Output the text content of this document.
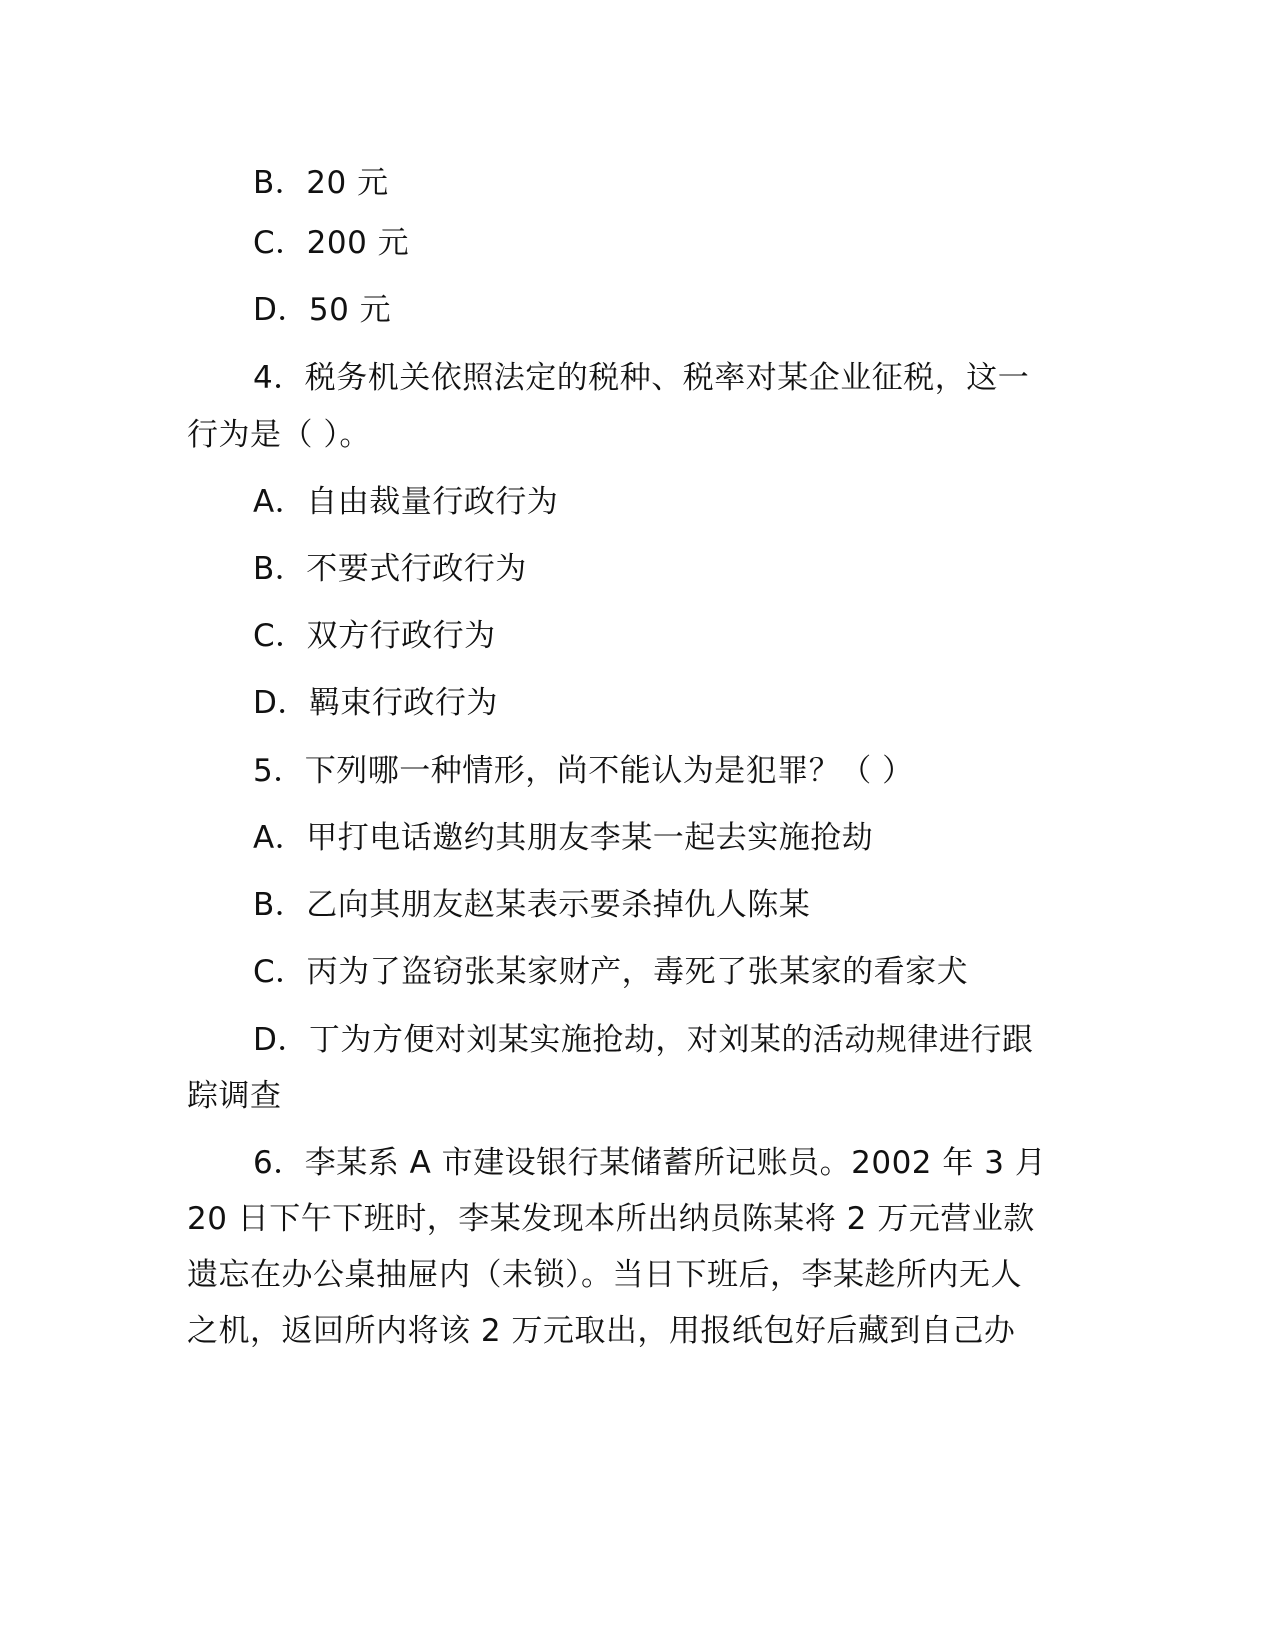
B．20 元
C．200 元
D．50 元
4．税务机关依照法定的税种、税率对某企业征税，这一
行为是（ ）。
A．自由裁量行政行为
B．不要式行政行为
C．双方行政行为
D．羁束行政行为
5．下列哪一种情形，尚不能认为是犯罪？（ ）
A．甲打电话邀约其朋友李某一起去实施抢劫
B．乙向其朋友赵某表示要杀掉仇人陈某
C．丙为了盗窃张某家财产，毒死了张某家的看家犬
D．丁为方便对刘某实施抢劫，对刘某的活动规律进行跟
踪调查
6．李某系 A 市建设银行某储蓄所记账员。2002 年 3 月
20 日下午下班时，李某发现本所出纳员陈某将 2 万元营业款
遗忘在办公桌抽屉内（未锁）。当日下班后，李某趁所内无人
之机，返回所内将该 2 万元取出，用报纸包好后藏到自己办
